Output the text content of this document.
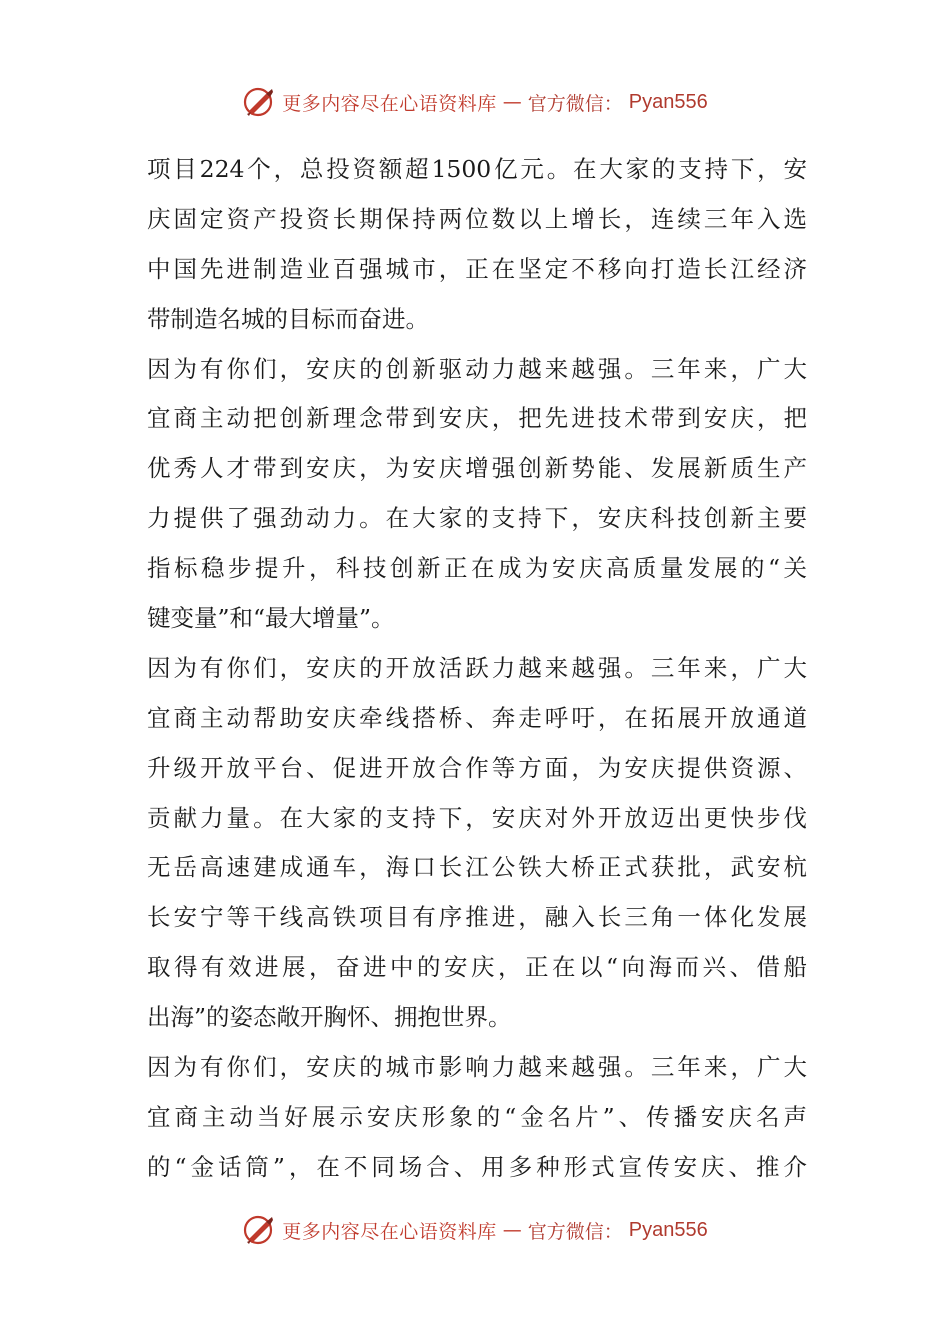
更多内容尽在心语资料库 — 官方微信： Pyan556
项目224个，总投资额超1500亿元。在大家的支持下，安
庆固定资产投资长期保持两位数以上增长，连续三年入选
中国先进制造业百强城市，正在坚定不移向打造长江经济
带制造名城的目标而奋进。
因为有你们，安庆的创新驱动力越来越强。三年来，广大
宜商主动把创新理念带到安庆，把先进技术带到安庆，把
优秀人才带到安庆，为安庆增强创新势能、发展新质生产
力提供了强劲动力。在大家的支持下，安庆科技创新主要
指标稳步提升，科技创新正在成为安庆高质量发展的“关
键变量”和“最大增量”。
因为有你们，安庆的开放活跃力越来越强。三年来，广大
宜商主动帮助安庆牵线搭桥、奔走呼吁，在拓展开放通道
升级开放平台、促进开放合作等方面，为安庆提供资源、
贡献力量。在大家的支持下，安庆对外开放迈出更快步伐
无岳高速建成通车，海口长江公铁大桥正式获批，武安杭
长安宁等干线高铁项目有序推进，融入长三角一体化发展
取得有效进展，奋进中的安庆，正在以“向海而兴、借船
出海”的姿态敞开胸怀、拥抱世界。
因为有你们，安庆的城市影响力越来越强。三年来，广大
宜商主动当好展示安庆形象的“金名片”、传播安庆名声
的“金话筒”，在不同场合、用多种形式宣传安庆、推介
更多内容尽在心语资料库 — 官方微信： Pyan556
